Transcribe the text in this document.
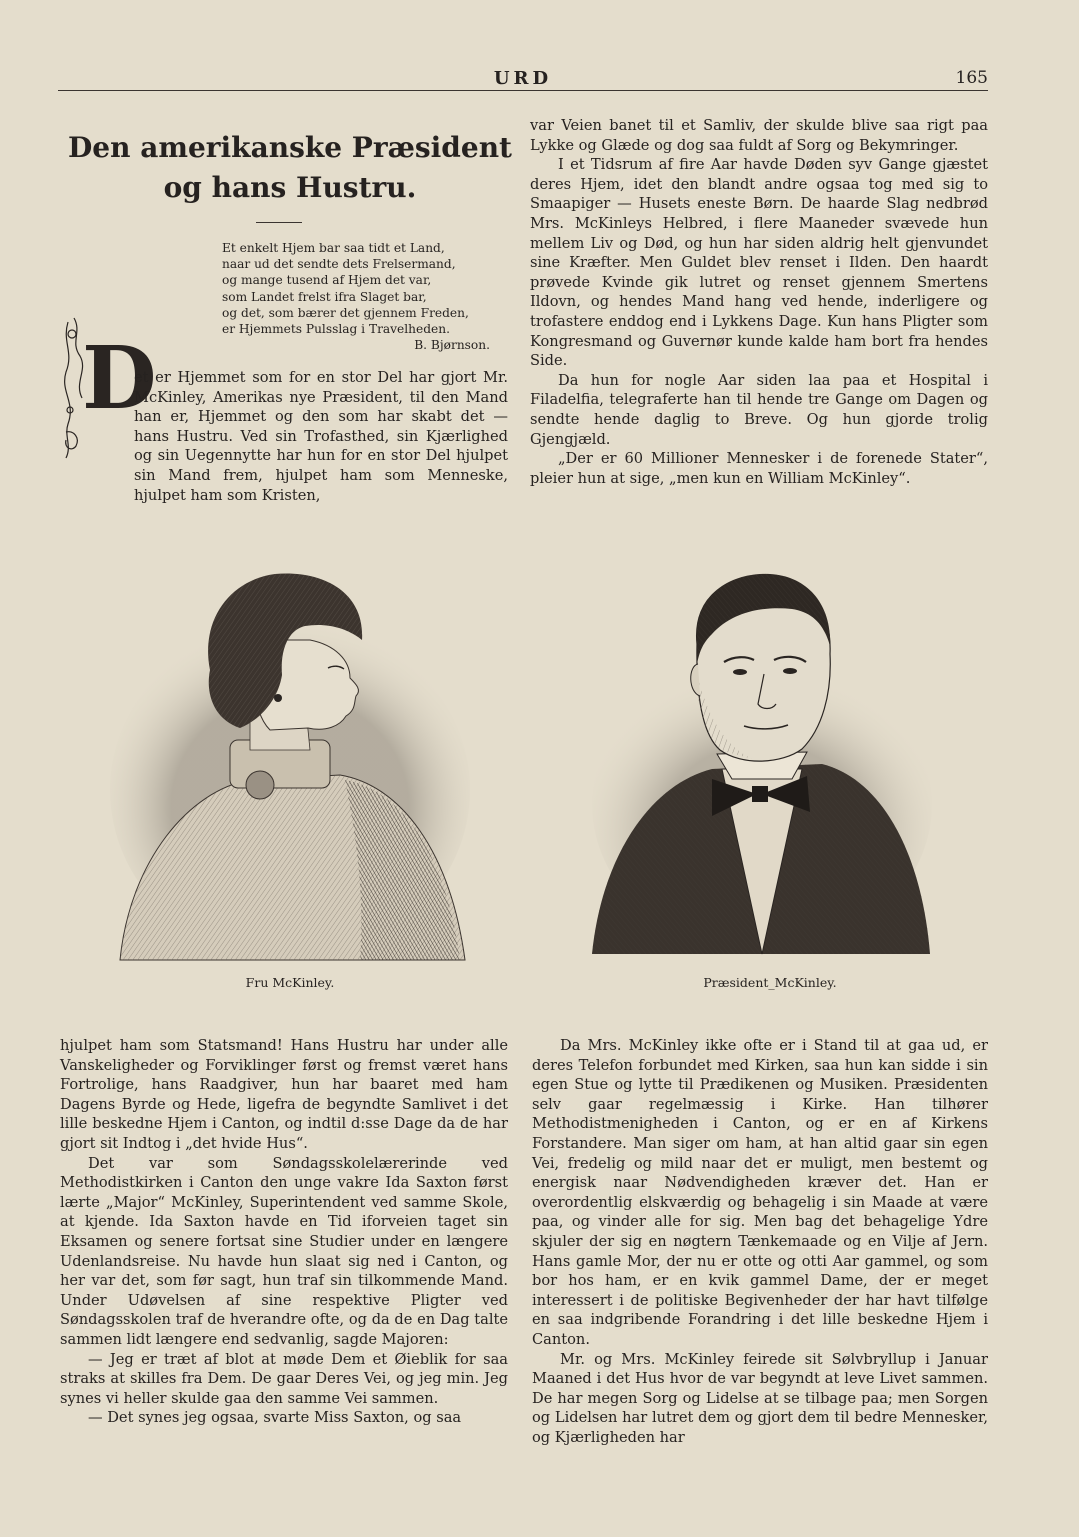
URD	165
Den amerikanske Præsident
og hans Hustru.
Et enkelt Hjem bar saa tidt et Land,
naar ud det sendte dets Frelsermand,
og mange tusend af Hjem det var,
som Landet frelst ifra Slaget bar,
og det, som bærer det gjennem Freden,
er Hjemmets Pulsslag i Travelheden.
B. Bjørnson.
D

et er Hjemmet som for en stor Del har gjort Mr. McKinley, Amerikas nye Præsident, til den Mand han er, Hjemmet og den som har skabt det — hans Hustru. Ved sin Trofasthed, sin Kjærlighed og sin Uegennytte har hun for en stor Del hjulpet sin Mand frem, hjulpet ham som Menneske, hjulpet ham som Kristen,

var Veien banet til et Samliv, der skulde blive saa rigt paa Lykke og Glæde og dog saa fuldt af Sorg og Bekymringer.

I et Tidsrum af fire Aar havde Døden syv Gange gjæstet deres Hjem, idet den blandt andre ogsaa tog med sig to Smaapiger — Husets eneste Børn. De haarde Slag nedbrød Mrs. McKinleys Helbred, i flere Maaneder svævede hun mellem Liv og Død, og hun har siden aldrig helt gjenvundet sine Kræfter. Men Guldet blev renset i Ilden. Den haardt prøvede Kvinde gik lutret og renset gjennem Smertens Ildovn, og hendes Mand hang ved hende, inderligere og trofastere enddog end i Lykkens Dage. Kun hans Pligter som Kongresmand og Guvernør kunde kalde ham bort fra hendes Side.

Da hun for nogle Aar siden laa paa et Hospital i Filadelfia, telegraferte han til hende tre Gange om Dagen og sendte hende daglig to Breve. Og hun gjorde trolig Gjengjæld.

„Der er 60 Millioner Mennesker i de forenede Stater“, pleier hun at sige, „men kun en William McKinley“.

Fru McKinley.	Præsident_McKinley.

hjulpet ham som Statsmand! Hans Hustru har under alle Vanskeligheder og Forviklinger først og fremst været hans Fortrolige, hans Raadgiver, hun har baaret med ham Dagens Byrde og Hede, ligefra de begyndte Samlivet i det lille beskedne Hjem i Canton, og indtil d:sse Dage da de har gjort sit Indtog i „det hvide Hus“.

Det var som Søndagsskolelærerinde ved Methodistkirken i Canton den unge vakre Ida Saxton først lærte „Major“ McKinley, Superintendent ved samme Skole, at kjende. Ida Saxton havde en Tid iforveien taget sin Eksamen og senere fortsat sine Studier under en længere Udenlandsreise. Nu havde hun slaat sig ned i Canton, og her var det, som før sagt, hun traf sin tilkommende Mand. Under Udøvelsen af sine respektive Pligter ved Søndagsskolen traf de hverandre ofte, og da de en Dag talte sammen lidt længere end sedvanlig, sagde Majoren:

— Jeg er træt af blot at møde Dem et Øieblik for saa straks at skilles fra Dem. De gaar Deres Vei, og jeg min. Jeg synes vi heller skulde gaa den samme Vei sammen.

— Det synes jeg ogsaa, svarte Miss Saxton, og saa

Da Mrs. McKinley ikke ofte er i Stand til at gaa ud, er deres Telefon forbundet med Kirken, saa hun kan sidde i sin egen Stue og lytte til Prædikenen og Musiken. Præsidenten selv gaar regelmæssig i Kirke. Han tilhører Methodistmenigheden i Canton, og er en af Kirkens Forstandere. Man siger om ham, at han altid gaar sin egen Vei, fredelig og mild naar det er muligt, men bestemt og energisk naar Nødvendigheden kræver det. Han er overordentlig elskværdig og behagelig i sin Maade at være paa, og vinder alle for sig. Men bag det behagelige Ydre skjuler der sig en nøgtern Tænkemaade og en Vilje af Jern. Hans gamle Mor, der nu er otte og otti Aar gammel, og som bor hos ham, er en kvik gammel Dame, der er meget interessert i de politiske Begivenheder der har havt tilfølge en saa indgribende Forandring i det lille beskedne Hjem i Canton.

Mr. og Mrs. McKinley feirede sit Sølvbryllup i Januar Maaned i det Hus hvor de var begyndt at leve Livet sammen. De har megen Sorg og Lidelse at se tilbage paa; men Sorgen og Lidelsen har lutret dem og gjort dem til bedre Mennesker, og Kjærligheden har
